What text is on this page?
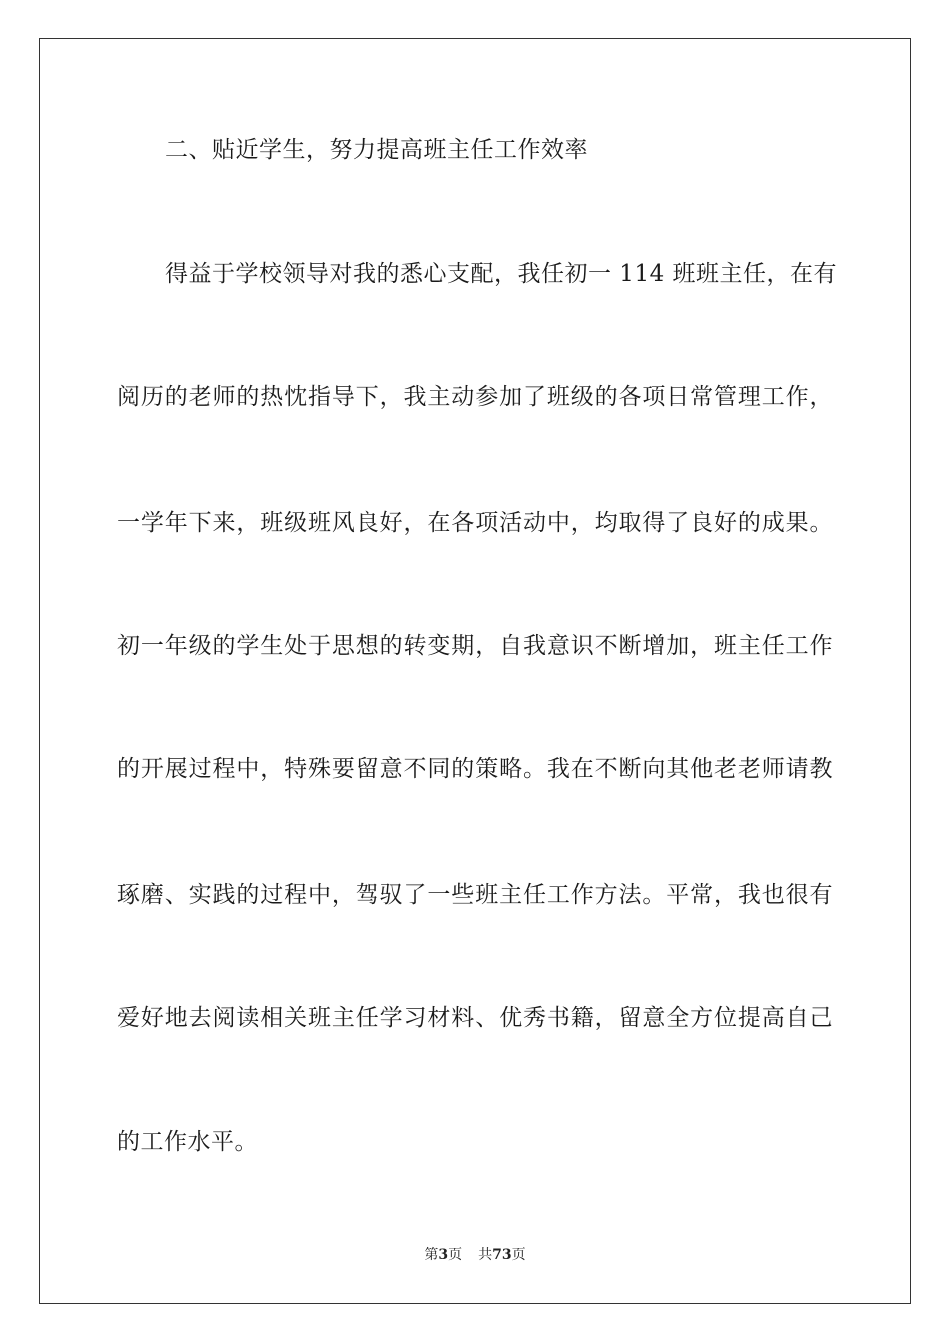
二、贴近学生，努力提高班主任工作效率
得益于学校领导对我的悉心支配，我任初一 114 班班主任，在有
阅历的老师的热忱指导下，我主动参加了班级的各项日常管理工作，
一学年下来，班级班风良好，在各项活动中，均取得了良好的成果。
初一年级的学生处于思想的转变期，自我意识不断增加，班主任工作
的开展过程中，特殊要留意不同的策略。我在不断向其他老老师请教
琢磨、实践的过程中，驾驭了一些班主任工作方法。平常，我也很有
爱好地去阅读相关班主任学习材料、优秀书籍，留意全方位提高自己
的工作水平。
第3页 共73页
